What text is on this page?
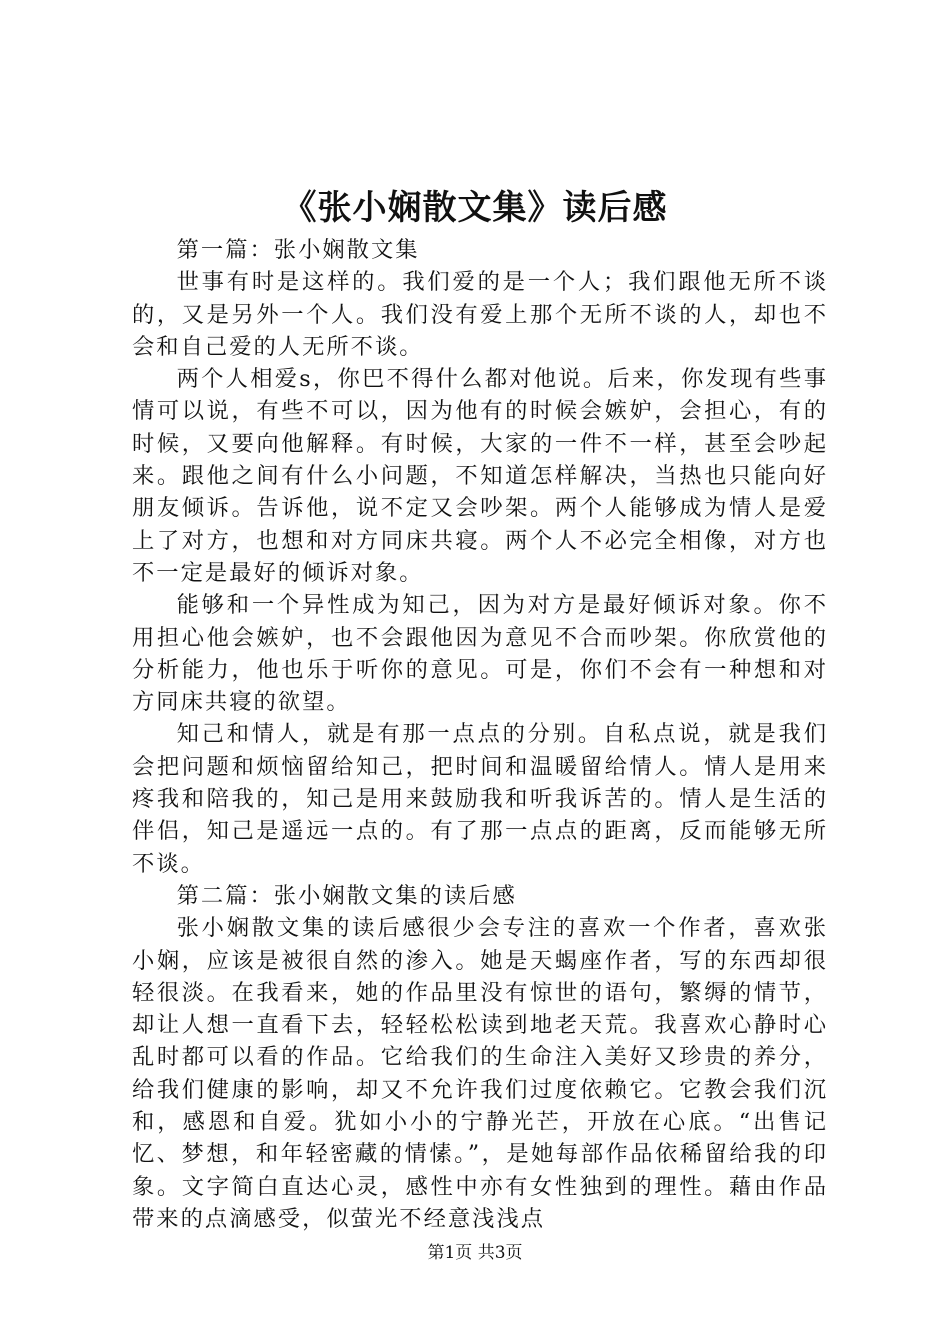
《张小娴散文集》读后感

第一篇：张小娴散文集

世事有时是这样的。我们爱的是一个人；我们跟他无所不谈的，又是另外一个人。我们没有爱上那个无所不谈的人，却也不会和自己爱的人无所不谈。

两个人相爱s，你巴不得什么都对他说。后来，你发现有些事情可以说，有些不可以，因为他有的时候会嫉妒，会担心，有的时候，又要向他解释。有时候，大家的一件不一样，甚至会吵起来。跟他之间有什么小问题，不知道怎样解决，当热也只能向好朋友倾诉。告诉他，说不定又会吵架。两个人能够成为情人是爱上了对方，也想和对方同床共寝。两个人不必完全相像，对方也不一定是最好的倾诉对象。

能够和一个异性成为知己，因为对方是最好倾诉对象。你不用担心他会嫉妒，也不会跟他因为意见不合而吵架。你欣赏他的分析能力，他也乐于听你的意见。可是，你们不会有一种想和对方同床共寝的欲望。

知己和情人，就是有那一点点的分别。自私点说，就是我们会把问题和烦恼留给知己，把时间和温暖留给情人。情人是用来疼我和陪我的，知己是用来鼓励我和听我诉苦的。情人是生活的伴侣，知己是遥远一点的。有了那一点点的距离，反而能够无所不谈。

第二篇：张小娴散文集的读后感

张小娴散文集的读后感很少会专注的喜欢一个作者，喜欢张小娴，应该是被很自然的渗入。她是天蝎座作者，写的东西却很轻很淡。在我看来，她的作品里没有惊世的语句，繁缛的情节，却让人想一直看下去，轻轻松松读到地老天荒。我喜欢心静时心乱时都可以看的作品。它给我们的生命注入美好又珍贵的养分，给我们健康的影响，却又不允许我们过度依赖它。它教会我们沉和，感恩和自爱。犹如小小的宁静光芒，开放在心底。“出售记忆、梦想，和年轻密藏的情愫。”，是她每部作品依稀留给我的印象。文字简白直达心灵，感性中亦有女性独到的理性。藉由作品带来的点滴感受，似萤光不经意浅浅点

第1页 共3页
